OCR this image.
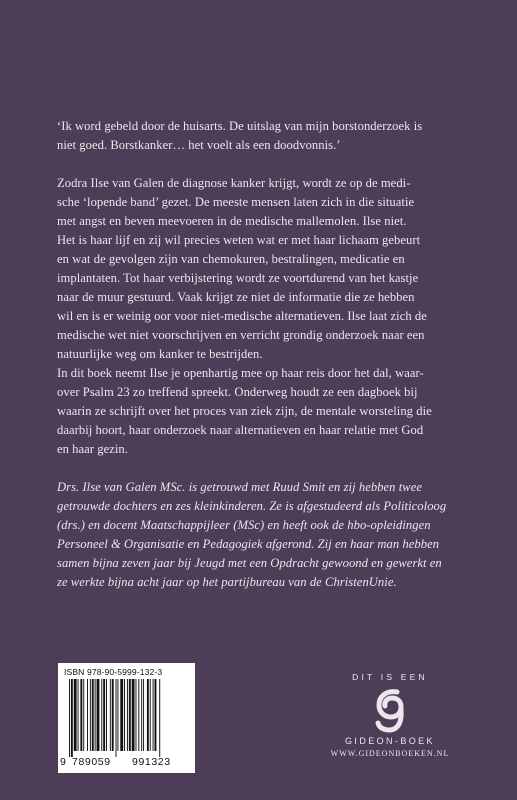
‘Ik word gebeld door de huisarts. De uitslag van mijn borstonderzoek is
niet goed. Borstkanker… het voelt als een doodvonnis.’

Zodra Ilse van Galen de diagnose kanker krijgt, wordt ze op de medi-
sche ‘lopende band’ gezet. De meeste mensen laten zich in die situatie
met angst en beven meevoeren in de medische mallemolen. Ilse niet.
Het is haar lijf en zij wil precies weten wat er met haar lichaam gebeurt
en wat de gevolgen zijn van chemokuren, bestralingen, medicatie en
implantaten. Tot haar verbijstering wordt ze voortdurend van het kastje
naar de muur gestuurd. Vaak krijgt ze niet de informatie die ze hebben
wil en is er weinig oor voor niet-medische alternatieven. Ilse laat zich de
medische wet niet voorschrijven en verricht grondig onderzoek naar een
natuurlijke weg om kanker te bestrijden.

In dit boek neemt Ilse je openhartig mee op haar reis door het dal, waar-
over Psalm 23 zo treffend spreekt. Onderweg houdt ze een dagboek bij
waarin ze schrijft over het proces van ziek zijn, de mentale worsteling die
daarbij hoort, haar onderzoek naar alternatieven en haar relatie met God
en haar gezin.

Drs. Ilse van Galen MSc. is getrouwd met Ruud Smit en zij hebben twee
getrouwde dochters en zes kleinkinderen. Ze is afgestudeerd als Politicoloog
(drs.) en docent Maatschappijleer (MSc) en heeft ook de hbo-opleidingen
Personeel & Organisatie en Pedagogiek afgerond. Zij en haar man hebben
samen bijna zeven jaar bij Jeugd met een Opdracht gewoond en gewerkt en
ze werkte bijna acht jaar op het partijbureau van de ChristenUnie.

ISBN 978-90-5999-132-3
9 789059 991323
DIT IS EEN
GIDEON-BOEK
WWW.GIDEONBOEKEN.NL
